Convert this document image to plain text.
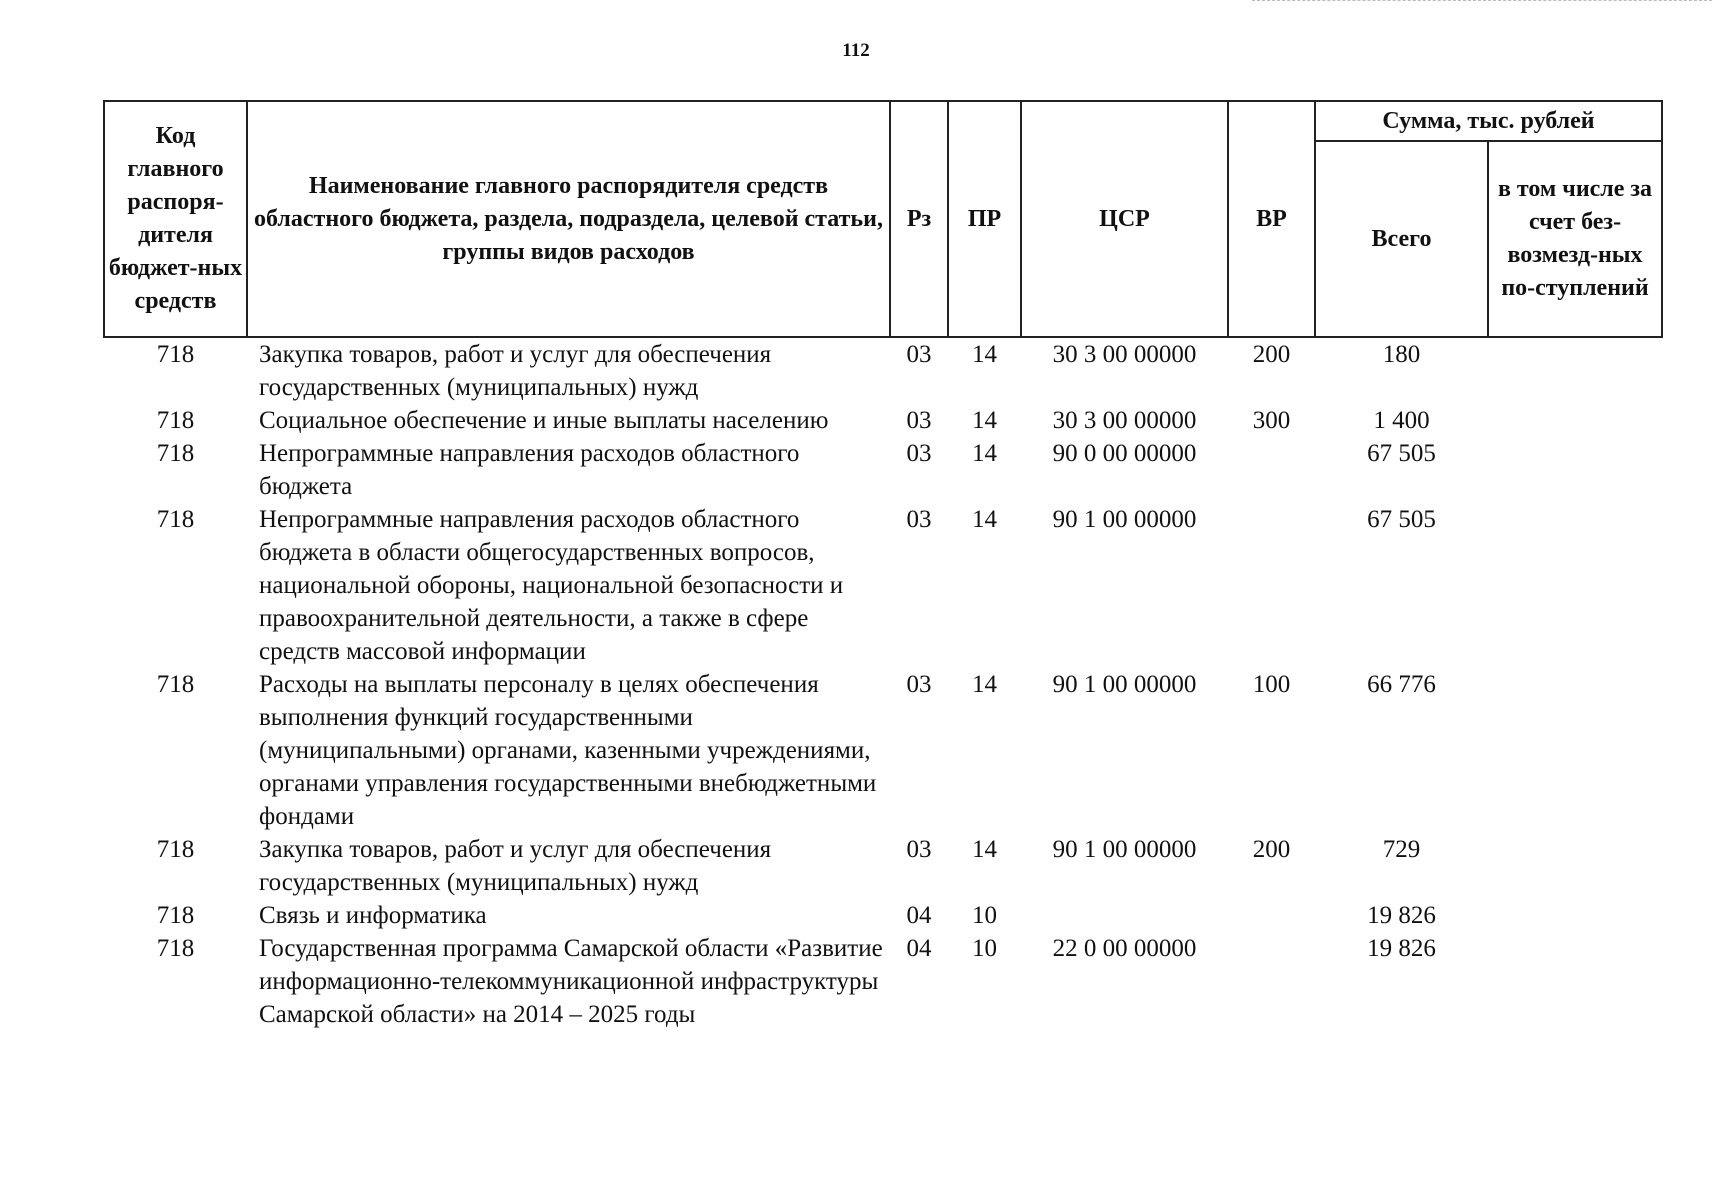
112
Код главного распоря-дителя бюджет-ных средств	Наименование главного распорядителя средств областного бюджета, раздела, подраздела, целевой статьи, группы видов расходов	Рз	ПР	ЦСР	ВР	Сумма, тыс. рублей	
						Всего	в том числе за счет без-возмезд-ных по-ступлений
718	Закупка товаров, работ и услуг для обеспечения государственных (муниципальных) нужд	03	14	30 3 00 00000	200	180	
718	Социальное обеспечение и иные выплаты населению	03	14	30 3 00 00000	300	1 400	
718	Непрограммные направления расходов областного бюджета	03	14	90 0 00 00000		67 505	
718	Непрограммные направления расходов областного бюджета в области общегосударственных вопросов, национальной обороны, национальной безопасности и правоохранительной деятельности, а также в сфере средств массовой информации	03	14	90 1 00 00000		67 505	
718	Расходы на выплаты персоналу в целях обеспечения выполнения функций государственными (муниципальными) органами, казенными учреждениями, органами управления государственными внебюджетными фондами	03	14	90 1 00 00000	100	66 776	
718	Закупка товаров, работ и услуг для обеспечения государственных (муниципальных) нужд	03	14	90 1 00 00000	200	729	
718	Связь и информатика	04	10			19 826	
718	Государственная программа Самарской области «Развитие информационно-телекоммуникационной инфраструктуры Самарской области» на 2014 – 2025 годы	04	10	22 0 00 00000		19 826	
